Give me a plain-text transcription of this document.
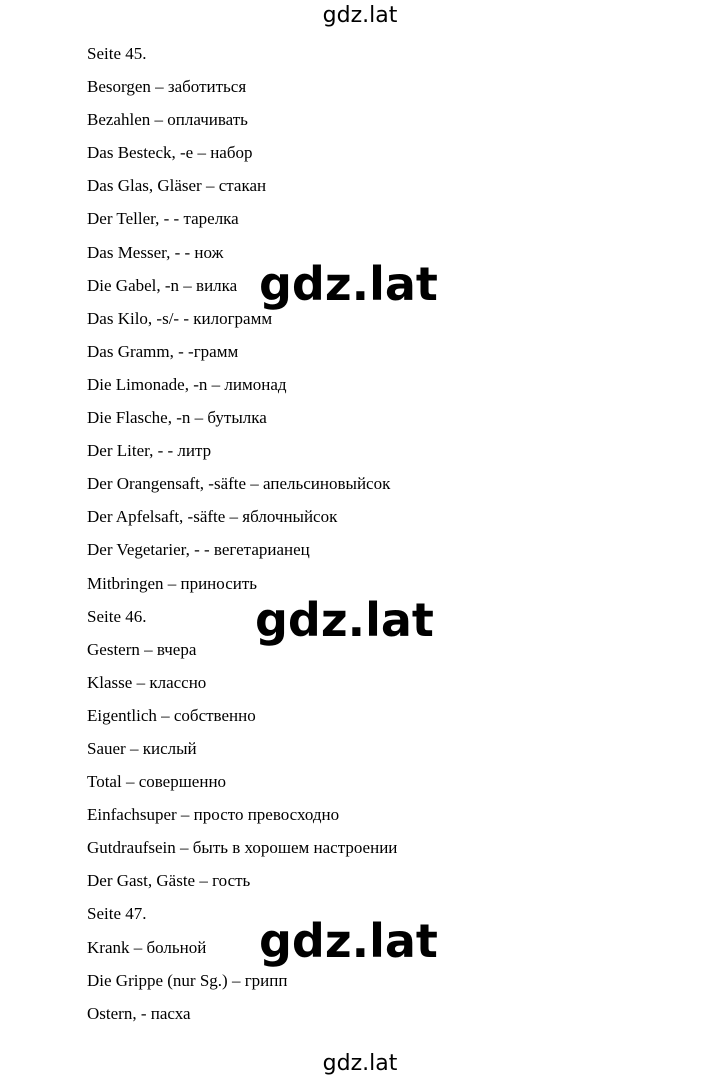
gdz.lat
Seite 45.
Besorgen – заботиться
Bezahlen – оплачивать
Das Besteck, -e – набор
Das Glas, Gläser – стакан
Der Teller, - - тарелка
Das Messer, - - нож
Die Gabel, -n – вилка
Das Kilo, -s/- - килограмм
Das Gramm, - -грамм
Die Limonade, -n – лимонад
Die Flasche, -n – бутылка
Der Liter, - - литр
Der Orangensaft, -säfte – апельсиновыйсок
Der Apfelsaft, -säfte – яблочныйсок
Der Vegetarier, - - вегетарианец
Mitbringen – приносить
Seite 46.
Gestern – вчера
Klasse – классно
Eigentlich – собственно
Sauer – кислый
Total – совершенно
Einfachsuper – просто превосходно
Gutdraufsein – быть в хорошем настроении
Der Gast, Gäste – гость
Seite 47.
Krank – больной
Die Grippe (nur Sg.) – грипп
Ostern, - пасха
gdz.lat
gdz.lat
gdz.lat
gdz.lat
